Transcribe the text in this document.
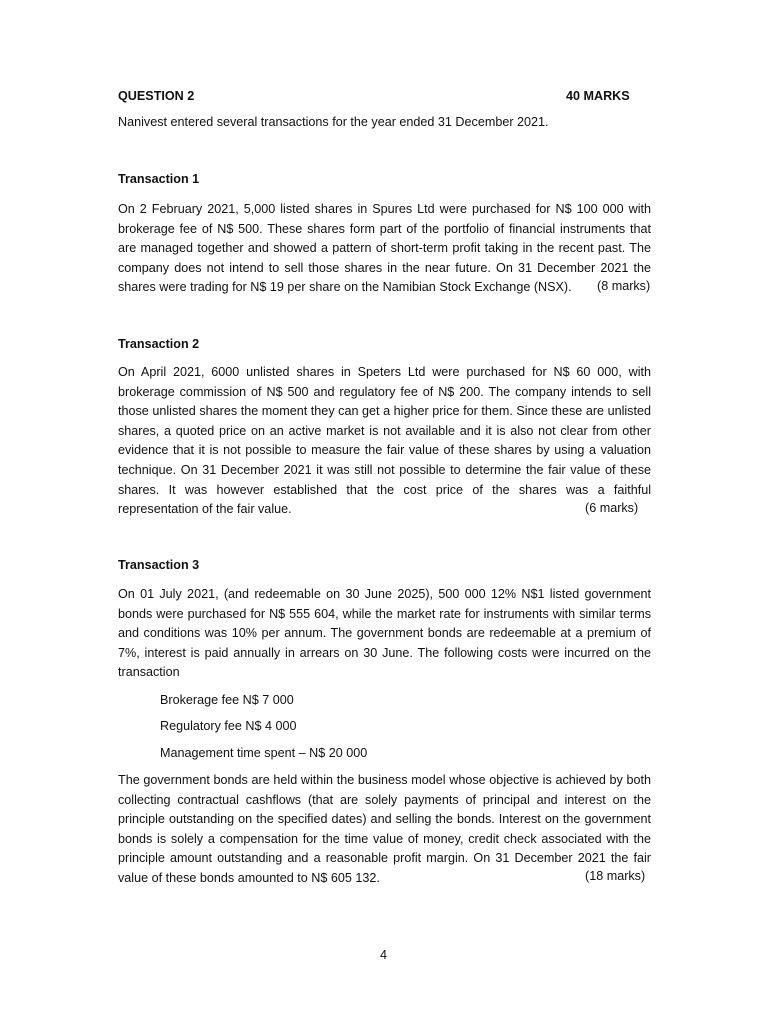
QUESTION 2	40 MARKS

Nanivest entered several transactions for the year ended 31 December 2021.

Transaction 1

On 2 February 2021, 5,000 listed shares in Spures Ltd were purchased for N$ 100 000 with brokerage fee of N$ 500. These shares form part of the portfolio of financial instruments that are managed together and showed a pattern of short-term profit taking in the recent past. The company does not intend to sell those shares in the near future. On 31 December 2021 the shares were trading for N$ 19 per share on the Namibian Stock Exchange (NSX).	(8 marks)

Transaction 2

On April 2021, 6000 unlisted shares in Speters Ltd were purchased for N$ 60 000, with brokerage commission of N$ 500 and regulatory fee of N$ 200. The company intends to sell those unlisted shares the moment they can get a higher price for them. Since these are unlisted shares, a quoted price on an active market is not available and it is also not clear from other evidence that it is not possible to measure the fair value of these shares by using a valuation technique. On 31 December 2021 it was still not possible to determine the fair value of these shares. It was however established that the cost price of the shares was a faithful representation of the fair value.	(6 marks)

Transaction 3

On 01 July 2021, (and redeemable on 30 June 2025), 500 000 12% N$1 listed government bonds were purchased for N$ 555 604, while the market rate for instruments with similar terms and conditions was 10% per annum. The government bonds are redeemable at a premium of 7%, interest is paid annually in arrears on 30 June. The following costs were incurred on the transaction

Brokerage fee N$ 7 000

Regulatory fee N$ 4 000

Management time spent – N$ 20 000

The government bonds are held within the business model whose objective is achieved by both collecting contractual cashflows (that are solely payments of principal and interest on the principle outstanding on the specified dates) and selling the bonds. Interest on the government bonds is solely a compensation for the time value of money, credit check associated with the principle amount outstanding and a reasonable profit margin. On 31 December 2021 the fair value of these bonds amounted to N$ 605 132.	(18 marks)

4
